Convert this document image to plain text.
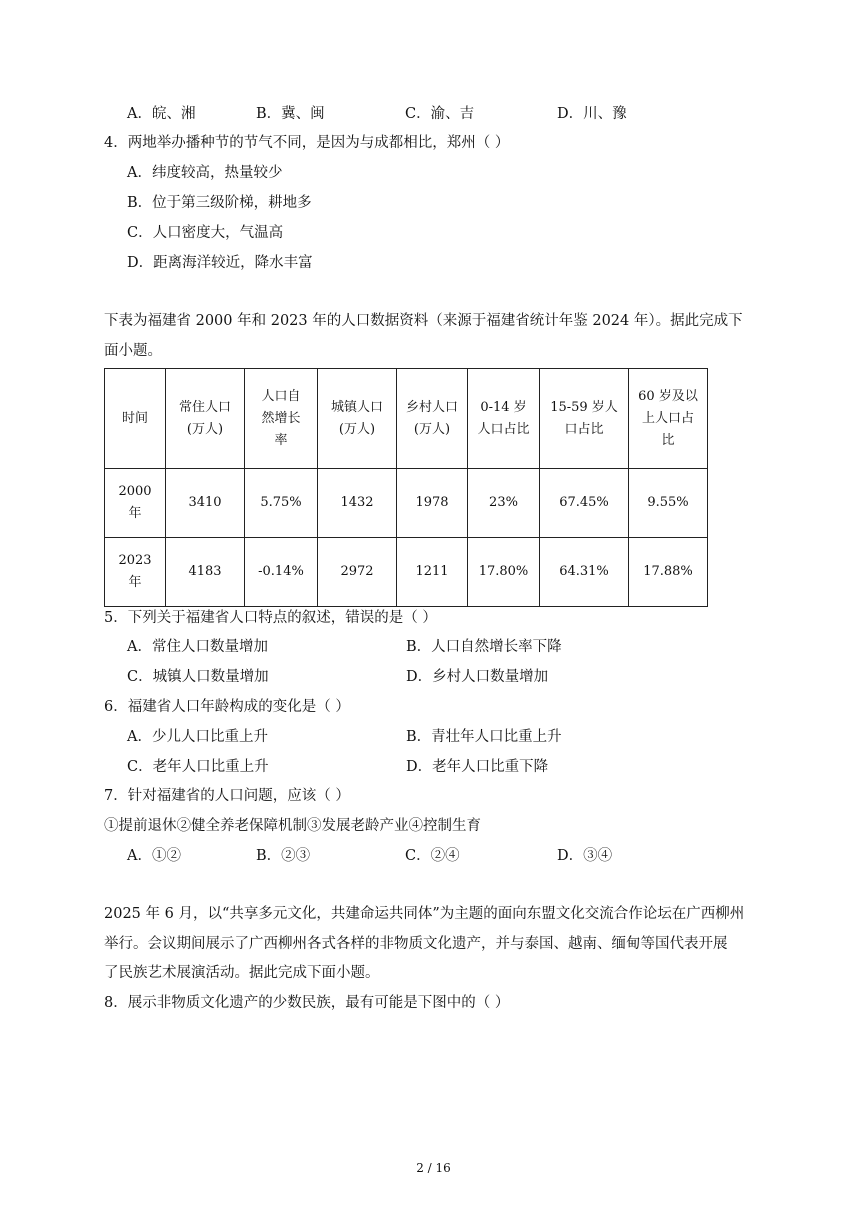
A．皖、湘	B．冀、闽	C．渝、吉	D．川、豫
4．两地举办播种节的节气不同，是因为与成都相比，郑州（ ）
A．纬度较高，热量较少
B．位于第三级阶梯，耕地多
C．人口密度大，气温高
D．距离海洋较近，降水丰富
下表为福建省 2000 年和 2023 年的人口数据资料（来源于福建省统计年鉴 2024 年）。据此完成下
面小题。
时间	常住人口(万人)	人口自然增长率	城镇人口(万人)	乡村人口(万人)	0-14 岁人口占比	15-59 岁人口占比	60 岁及以上人口占比
2000 年	3410	5.75%	1432	1978	23%	67.45%	9.55%
2023 年	4183	-0.14%	2972	1211	17.80%	64.31%	17.88%
5．下列关于福建省人口特点的叙述，错误的是（ ）
A．常住人口数量增加	B．人口自然增长率下降
C．城镇人口数量增加	D．乡村人口数量增加
6．福建省人口年龄构成的变化是（ ）
A．少儿人口比重上升	B．青壮年人口比重上升
C．老年人口比重上升	D．老年人口比重下降
7．针对福建省的人口问题，应该（ ）
①提前退休②健全养老保障机制③发展老龄产业④控制生育
A．①②	B．②③	C．②④	D．③④
2025 年 6 月，以“共享多元文化，共建命运共同体”为主题的面向东盟文化交流合作论坛在广西柳州
举行。会议期间展示了广西柳州各式各样的非物质文化遗产，并与泰国、越南、缅甸等国代表开展
了民族艺术展演活动。据此完成下面小题。
8．展示非物质文化遗产的少数民族，最有可能是下图中的（ ）
2 / 16
